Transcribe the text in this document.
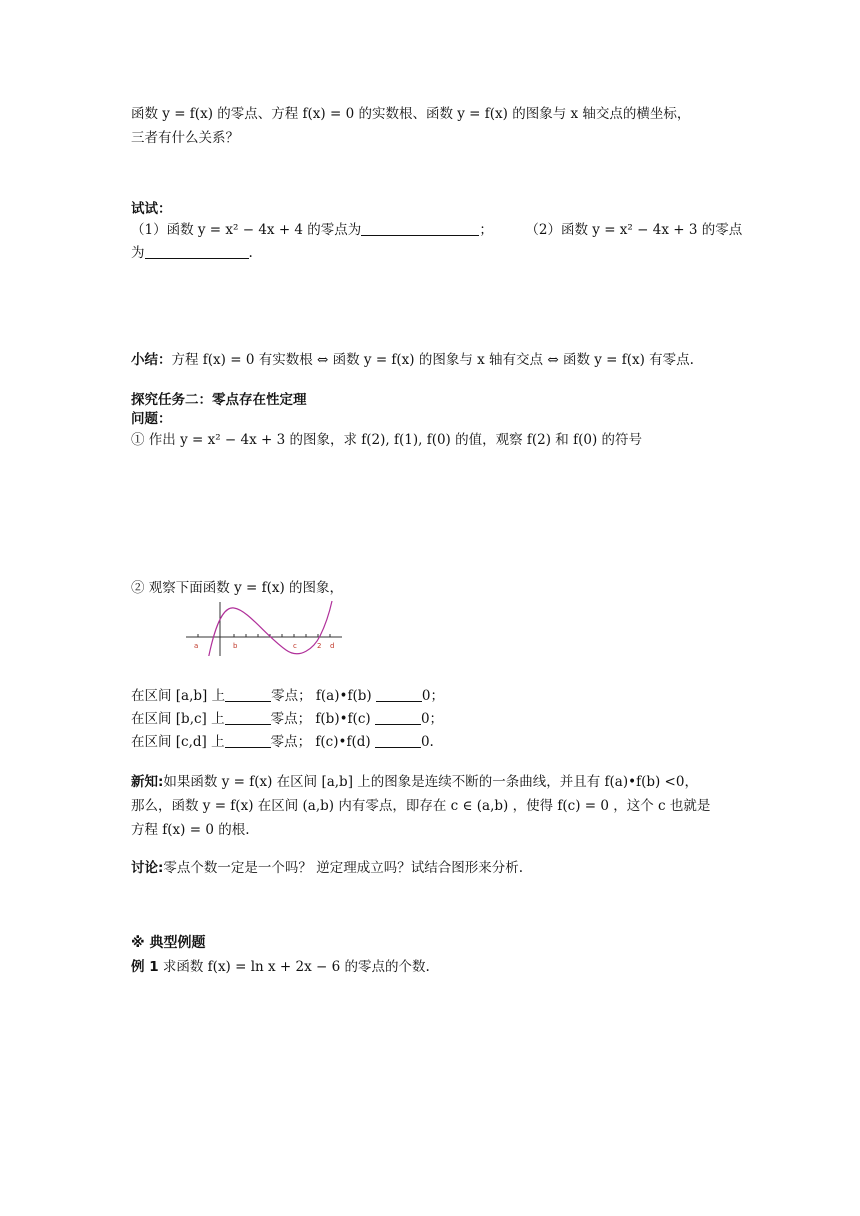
函数 y = f(x) 的零点、方程 f(x) = 0 的实数根、函数 y = f(x) 的图象与 x 轴交点的横坐标，
三者有什么关系？
试试：
（1）函数 y = x² − 4x + 4 的零点为	； （2）函数 y = x² − 4x + 3 的零点
为	.
小结：方程 f(x) = 0 有实数根 ⇔ 函数 y = f(x) 的图象与 x 轴有交点 ⇔ 函数 y = f(x) 有零点.
探究任务二：零点存在性定理
问题：
① 作出 y = x² − 4x + 3 的图象，求 f(2), f(1), f(0) 的值，观察 f(2) 和 f(0) 的符号
② 观察下面函数 y = f(x) 的图象，
a	b	c	2 d
在区间 [a,b] 上	零点； f(a)•f(b)	0；
在区间 [b,c] 上	零点； f(b)•f(c)	0；
在区间 [c,d] 上	零点； f(c)•f(d)	0.
新知:如果函数 y = f(x) 在区间 [a,b] 上的图象是连续不断的一条曲线，并且有 f(a)•f(b) <0，
那么，函数 y = f(x) 在区间 (a,b) 内有零点，即存在 c ∈ (a,b) ，使得 f(c) = 0 ，这个 c 也就是
方程 f(x) = 0 的根.
讨论:零点个数一定是一个吗？ 逆定理成立吗？试结合图形来分析.
※ 典型例题
例 1 求函数 f(x) = ln x + 2x − 6 的零点的个数.
